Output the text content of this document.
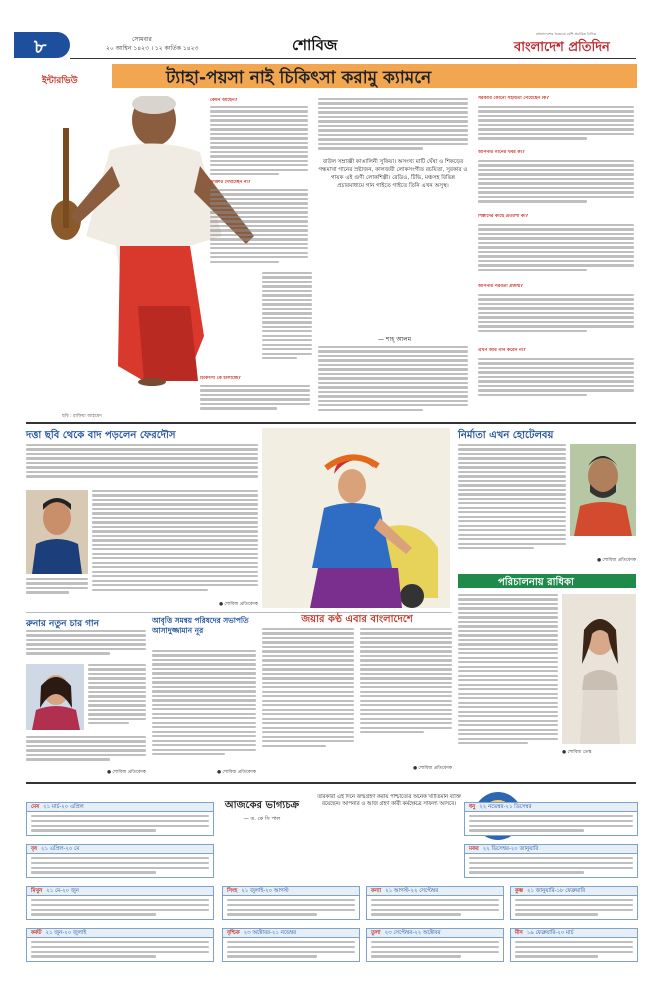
৮	সোমবার
২০ আশ্বিন ১৪২৩ । ১২ কার্তিক ১৪২৩	শোবিজ
বাংলাদেশের সবচেয়ে বেশি প্রচারিত দৈনিক
বাংলাদেশ প্রতিদিন
ইন্টারভিউ	ট্যাহা-পয়সা নাই চিকিৎসা করামু ক্যামনে
কেমন আছেন?
ডাক্তার দেখাচ্ছেন না?
চিকিৎসা কে চালাচ্ছে?
ছবি : রাফিয়া আহমেদ
বাউল সম্রাজ্ঞী কাঙালিনী সুফিয়া। অসংখ্য মাটি ঘেঁষা ও শিকড়ের গন্ধমাখা গানের স্রষ্টাজন, কালজয়ী লোকসংগীত রচয়িতা, সুরকার ও গায়ক এই গুণী লোকশিল্পী। রেডিও, টিভি, মঞ্চসহ বিভিন্ন প্রচারমাধ্যমে গান গাইতে গাইতে তিনি এখন অসুস্থ।
— শাহ্ আলম
সরকারি কোনো সহায়তা পেয়েছেন কি?
আপনার গানের খবর কী?
শিল্পীদের কাছে প্রত্যাশা কী?
আপনার পরবর্তী প্রজন্ম?
এখন আর গান করেন না?
দত্তা ছবি থেকে বাদ পড়লেন ফেরদৌস
● শোবিজ প্রতিবেদক
নির্মাতা এখন হোটেলবয়
● শোবিজ প্রতিবেদক
পরিচালনায় রাধিকা
● শোবিজ ডেস্ক
রুনার নতুন চার গান
● শোবিজ প্রতিবেদক
আবৃত্তি সমন্বয় পরিষদের সভাপতি আসাদুজ্জামান নূর
● শোবিজ প্রতিবেদক
জয়ার কণ্ঠ এবার বাংলাদেশে
● শোবিজ প্রতিবেদক
আজকের ভাগ্যচক্র
— ড. কে সি পাল
তারকারা এই দিনে জন্মগ্রহণ করায় পাশ্চাত্যের অনেক খ্যাতিমান ব্যক্তি রয়েছেন। আপনার ও আজ গ্রহণ কারী কর্মক্ষেত্রে সাফল্য আসবে।
মেষ ২১ মার্চ-২০ এপ্রিল
বৃষ ২১ এপ্রিল-২০ মে
মিথুন ২১ মে-২০ জুন
কর্কট ২১ জুন-২০ জুলাই
সিংহ ২১ জুলাই-২০ আগস্ট	কন্যা ২১ আগস্ট-২২ সেপ্টেম্বর
তুলা ২৩ সেপ্টেম্বর-২২ অক্টোবর
বৃশ্চিক ২৩ অক্টোবর-২১ নভেম্বর
ধনু ২২ নভেম্বর-২১ ডিসেম্বর
মকর ২২ ডিসেম্বর-২০ জানুয়ারি
কুম্ভ ২১ জানুয়ারি-১৮ ফেব্রুয়ারি
মীন ১৯ ফেব্রুয়ারি-২০ মার্চ
